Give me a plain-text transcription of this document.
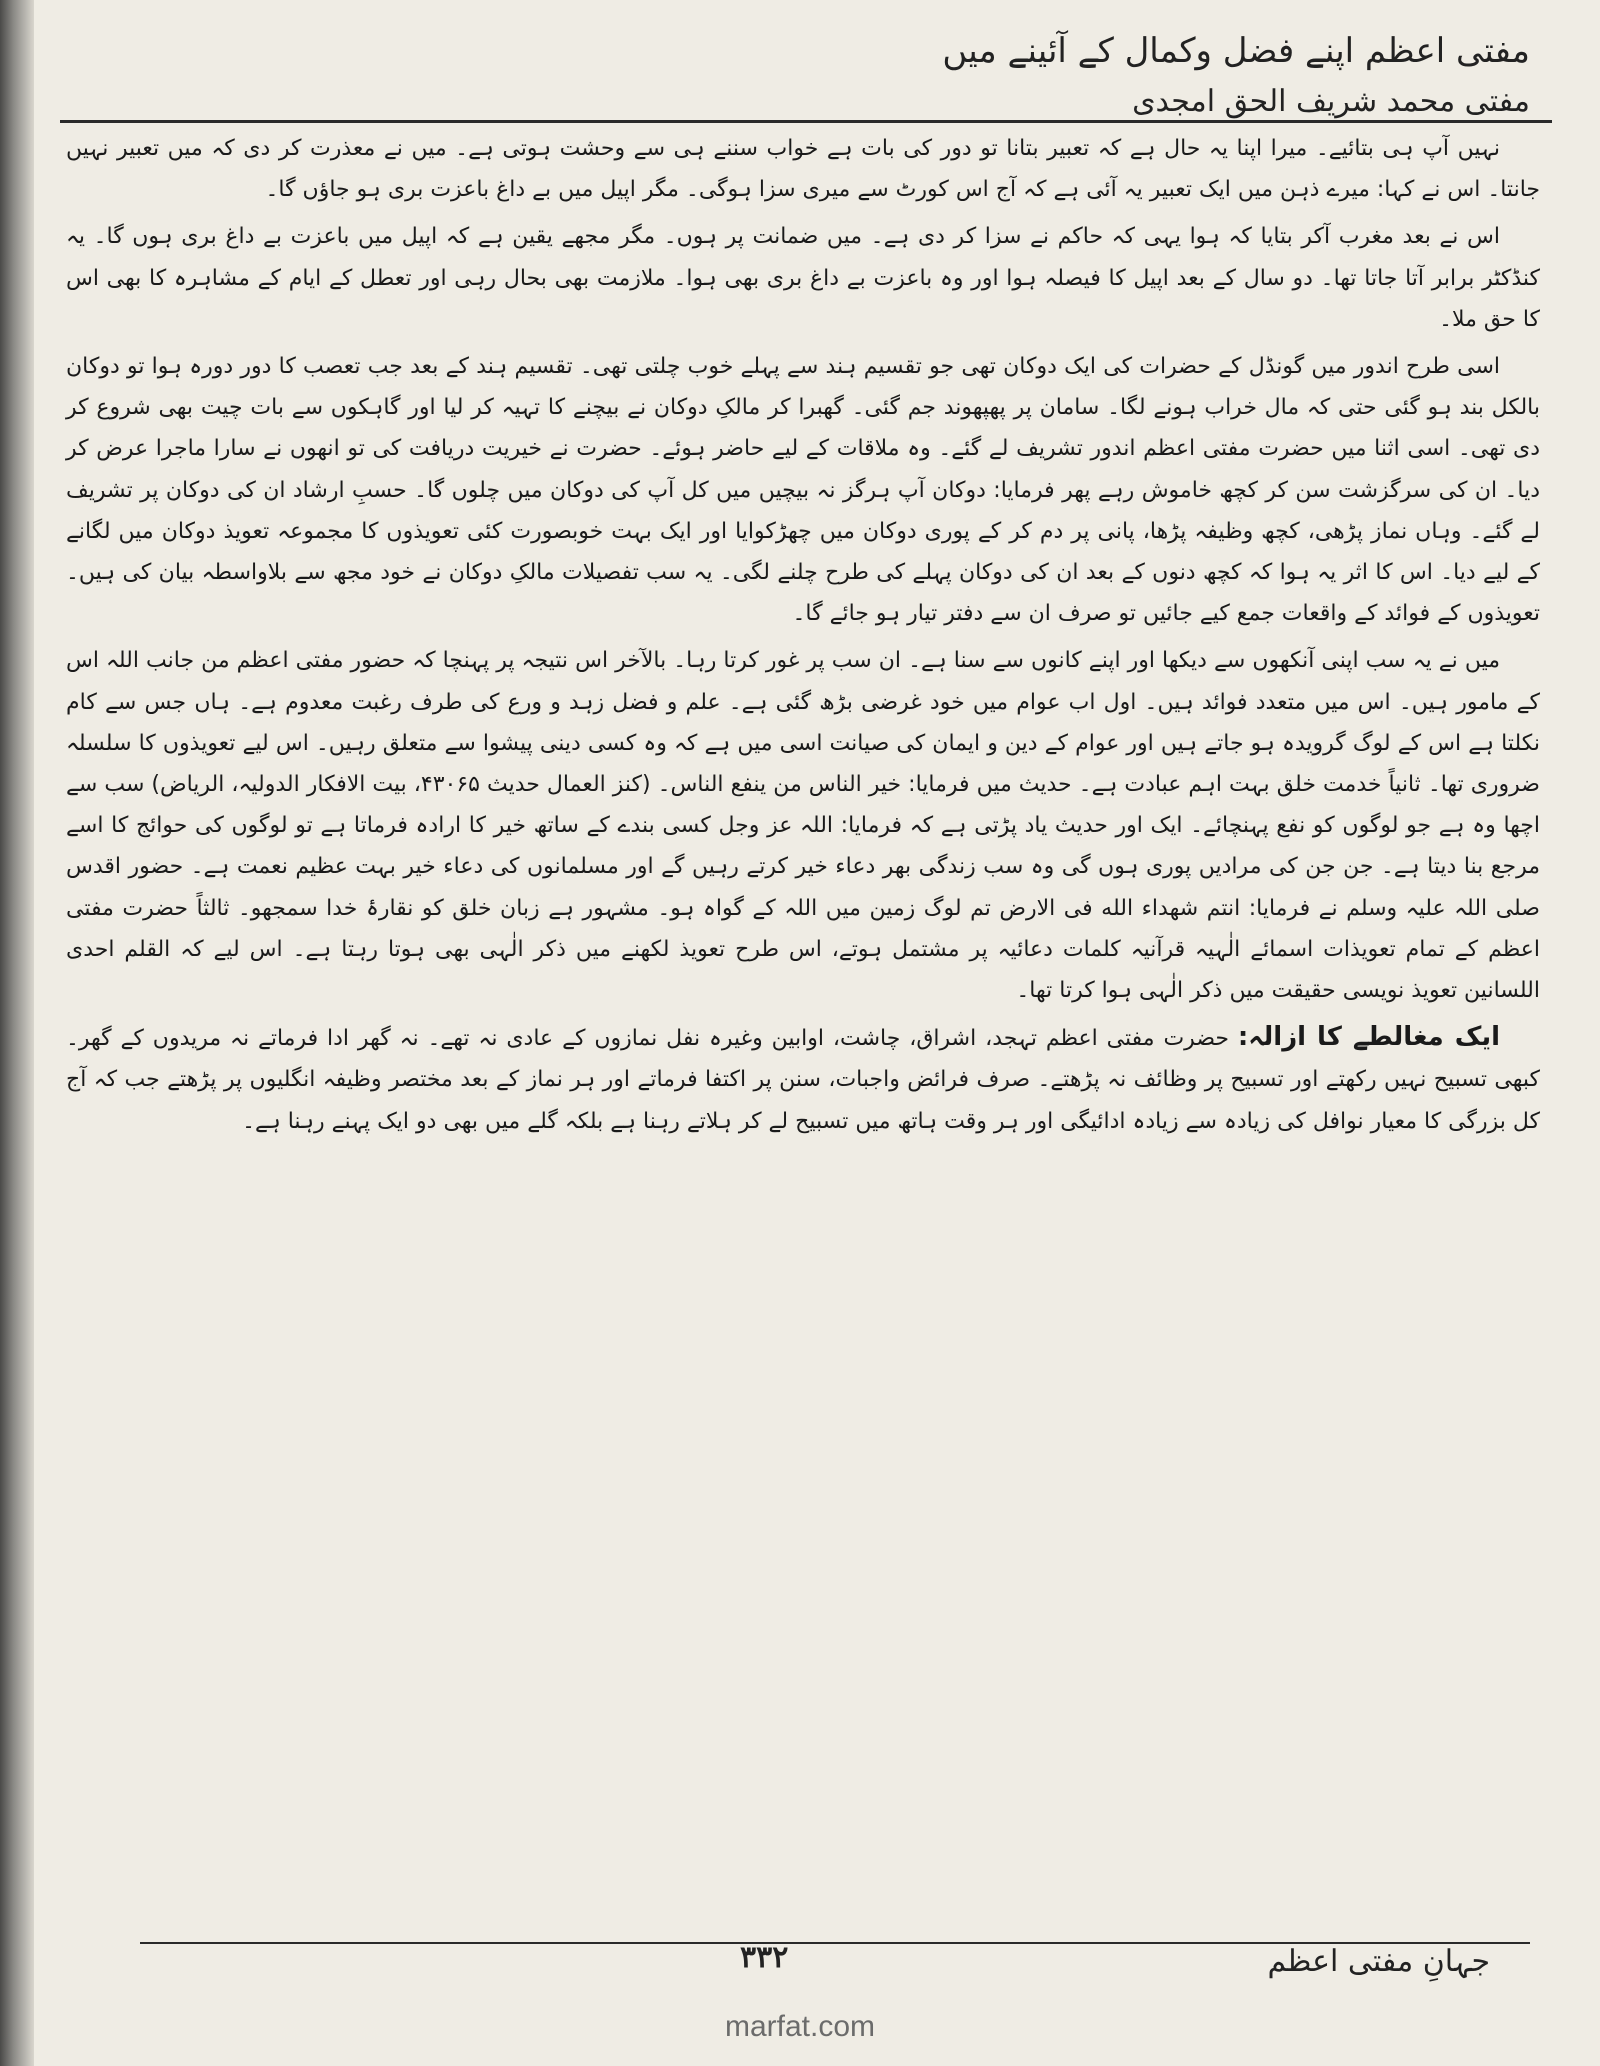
مفتی اعظم اپنے فضل وکمال کے آئینے میں
مفتی محمد شریف الحق امجدی

نہیں آپ ہی بتائیے۔ میرا اپنا یہ حال ہے کہ تعبیر بتانا تو دور کی بات ہے خواب سننے ہی سے وحشت ہوتی ہے۔ میں نے معذرت کر دی کہ میں تعبیر نہیں جانتا۔ اس نے کہا: میرے ذہن میں ایک تعبیر یہ آئی ہے کہ آج اس کورٹ سے میری سزا ہوگی۔ مگر اپیل میں بے داغ باعزت بری ہو جاؤں گا۔

اس نے بعد مغرب آکر بتایا کہ ہوا یہی کہ حاکم نے سزا کر دی ہے۔ میں ضمانت پر ہوں۔ مگر مجھے یقین ہے کہ اپیل میں باعزت بے داغ بری ہوں گا۔ یہ کنڈکٹر برابر آتا جاتا تھا۔ دو سال کے بعد اپیل کا فیصلہ ہوا اور وہ باعزت بے داغ بری بھی ہوا۔ ملازمت بھی بحال رہی اور تعطل کے ایام کے مشاہرہ کا بھی اس کا حق ملا۔

اسی طرح اندور میں گونڈل کے حضرات کی ایک دوکان تھی جو تقسیم ہند سے پہلے خوب چلتی تھی۔ تقسیم ہند کے بعد جب تعصب کا دور دورہ ہوا تو دوکان بالکل بند ہو گئی حتی کہ مال خراب ہونے لگا۔ سامان پر پھپھوند جم گئی۔ گھبرا کر مالکِ دوکان نے بیچنے کا تہیہ کر لیا اور گاہکوں سے بات چیت بھی شروع کر دی تھی۔ اسی اثنا میں حضرت مفتی اعظم اندور تشریف لے گئے۔ وہ ملاقات کے لیے حاضر ہوئے۔ حضرت نے خیریت دریافت کی تو انھوں نے سارا ماجرا عرض کر دیا۔ ان کی سرگزشت سن کر کچھ خاموش رہے پھر فرمایا: دوکان آپ ہرگز نہ بیچیں میں کل آپ کی دوکان میں چلوں گا۔ حسبِ ارشاد ان کی دوکان پر تشریف لے گئے۔ وہاں نماز پڑھی، کچھ وظیفہ پڑھا، پانی پر دم کر کے پوری دوکان میں چھڑکوایا اور ایک بہت خوبصورت کئی تعویذوں کا مجموعہ تعویذ دوکان میں لگانے کے لیے دیا۔ اس کا اثر یہ ہوا کہ کچھ دنوں کے بعد ان کی دوکان پہلے کی طرح چلنے لگی۔ یہ سب تفصیلات مالکِ دوکان نے خود مجھ سے بلاواسطہ بیان کی ہیں۔ تعویذوں کے فوائد کے واقعات جمع کیے جائیں تو صرف ان سے دفتر تیار ہو جائے گا۔

میں نے یہ سب اپنی آنکھوں سے دیکھا اور اپنے کانوں سے سنا ہے۔ ان سب پر غور کرتا رہا۔ بالآخر اس نتیجہ پر پہنچا کہ حضور مفتی اعظم من جانب اللہ اس کے مامور ہیں۔ اس میں متعدد فوائد ہیں۔ اول اب عوام میں خود غرضی بڑھ گئی ہے۔ علم و فضل زہد و ورع کی طرف رغبت معدوم ہے۔ ہاں جس سے کام نکلتا ہے اس کے لوگ گرویدہ ہو جاتے ہیں اور عوام کے دین و ایمان کی صیانت اسی میں ہے کہ وہ کسی دینی پیشوا سے متعلق رہیں۔ اس لیے تعویذوں کا سلسلہ ضروری تھا۔ ثانیاً خدمت خلق بہت اہم عبادت ہے۔ حدیث میں فرمایا: خیر الناس من ینفع الناس۔ (کنز العمال حدیث ۴۳۰۶۵، بیت الافکار الدولیہ، الریاض) سب سے اچھا وہ ہے جو لوگوں کو نفع پہنچائے۔ ایک اور حدیث یاد پڑتی ہے کہ فرمایا: اللہ عز وجل کسی بندے کے ساتھ خیر کا ارادہ فرماتا ہے تو لوگوں کی حوائج کا اسے مرجع بنا دیتا ہے۔ جن جن کی مرادیں پوری ہوں گی وہ سب زندگی بھر دعاء خیر کرتے رہیں گے اور مسلمانوں کی دعاء خیر بہت عظیم نعمت ہے۔ حضور اقدس صلی اللہ علیہ وسلم نے فرمایا: انتم شهداء الله فی الارض تم لوگ زمین میں اللہ کے گواہ ہو۔ مشہور ہے زبان خلق کو نقارۂ خدا سمجھو۔ ثالثاً حضرت مفتی اعظم کے تمام تعویذات اسمائے الٰہیہ قرآنیہ کلمات دعائیہ پر مشتمل ہوتے، اس طرح تعویذ لکھنے میں ذکر الٰہی بھی ہوتا رہتا ہے۔ اس لیے کہ القلم احدی اللسانین تعویذ نویسی حقیقت میں ذکر الٰہی ہوا کرتا تھا۔

ایک مغالطے کا ازالہ: حضرت مفتی اعظم تہجد، اشراق، چاشت، اوابین وغیرہ نفل نمازوں کے عادی نہ تھے۔ نہ گھر ادا فرماتے نہ مریدوں کے گھر۔ کبھی تسبیح نہیں رکھتے اور تسبیح پر وظائف نہ پڑھتے۔ صرف فرائض واجبات، سنن پر اکتفا فرماتے اور ہر نماز کے بعد مختصر وظیفہ انگلیوں پر پڑھتے جب کہ آج کل بزرگی کا معیار نوافل کی زیادہ سے زیادہ ادائیگی اور ہر وقت ہاتھ میں تسبیح لے کر ہلاتے رہنا ہے بلکہ گلے میں بھی دو ایک پہنے رہنا ہے۔

جہانِ مفتی اعظم
۳۳۲
marfat.com
